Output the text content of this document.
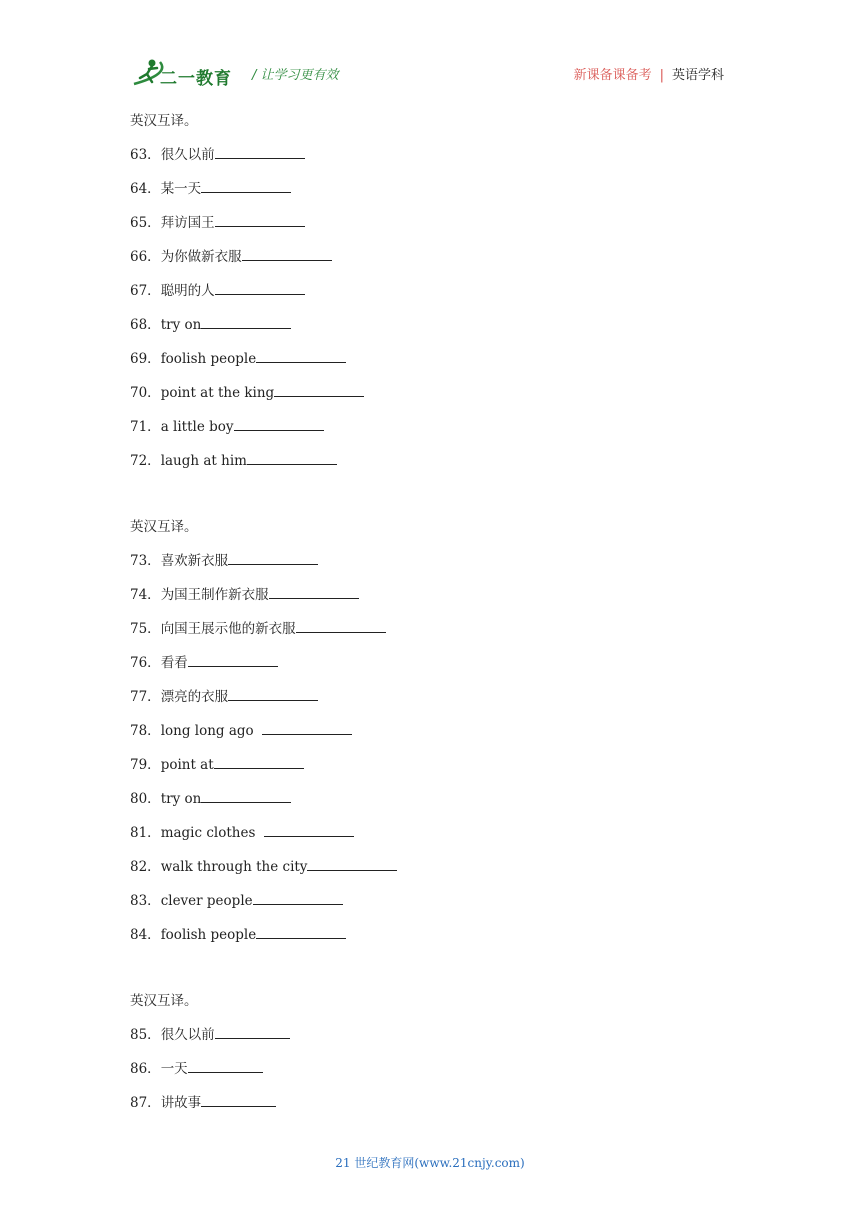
二一教育 / 让学习更有效	新课备课备考 | 英语学科
英汉互译。
63．很久以前
64．某一天
65．拜访国王
66．为你做新衣服
67．聪明的人
68．try on
69．foolish people
70．point at the king
71．a little boy
72．laugh at him
英汉互译。
73．喜欢新衣服
74．为国王制作新衣服
75．向国王展示他的新衣服
76．看看
77．漂亮的衣服
78．long long ago
79．point at
80．try on
81．magic clothes
82．walk through the city
83．clever people
84．foolish people
英汉互译。
85．很久以前
86．一天
87．讲故事
21 世纪教育网(www.21cnjy.com)
